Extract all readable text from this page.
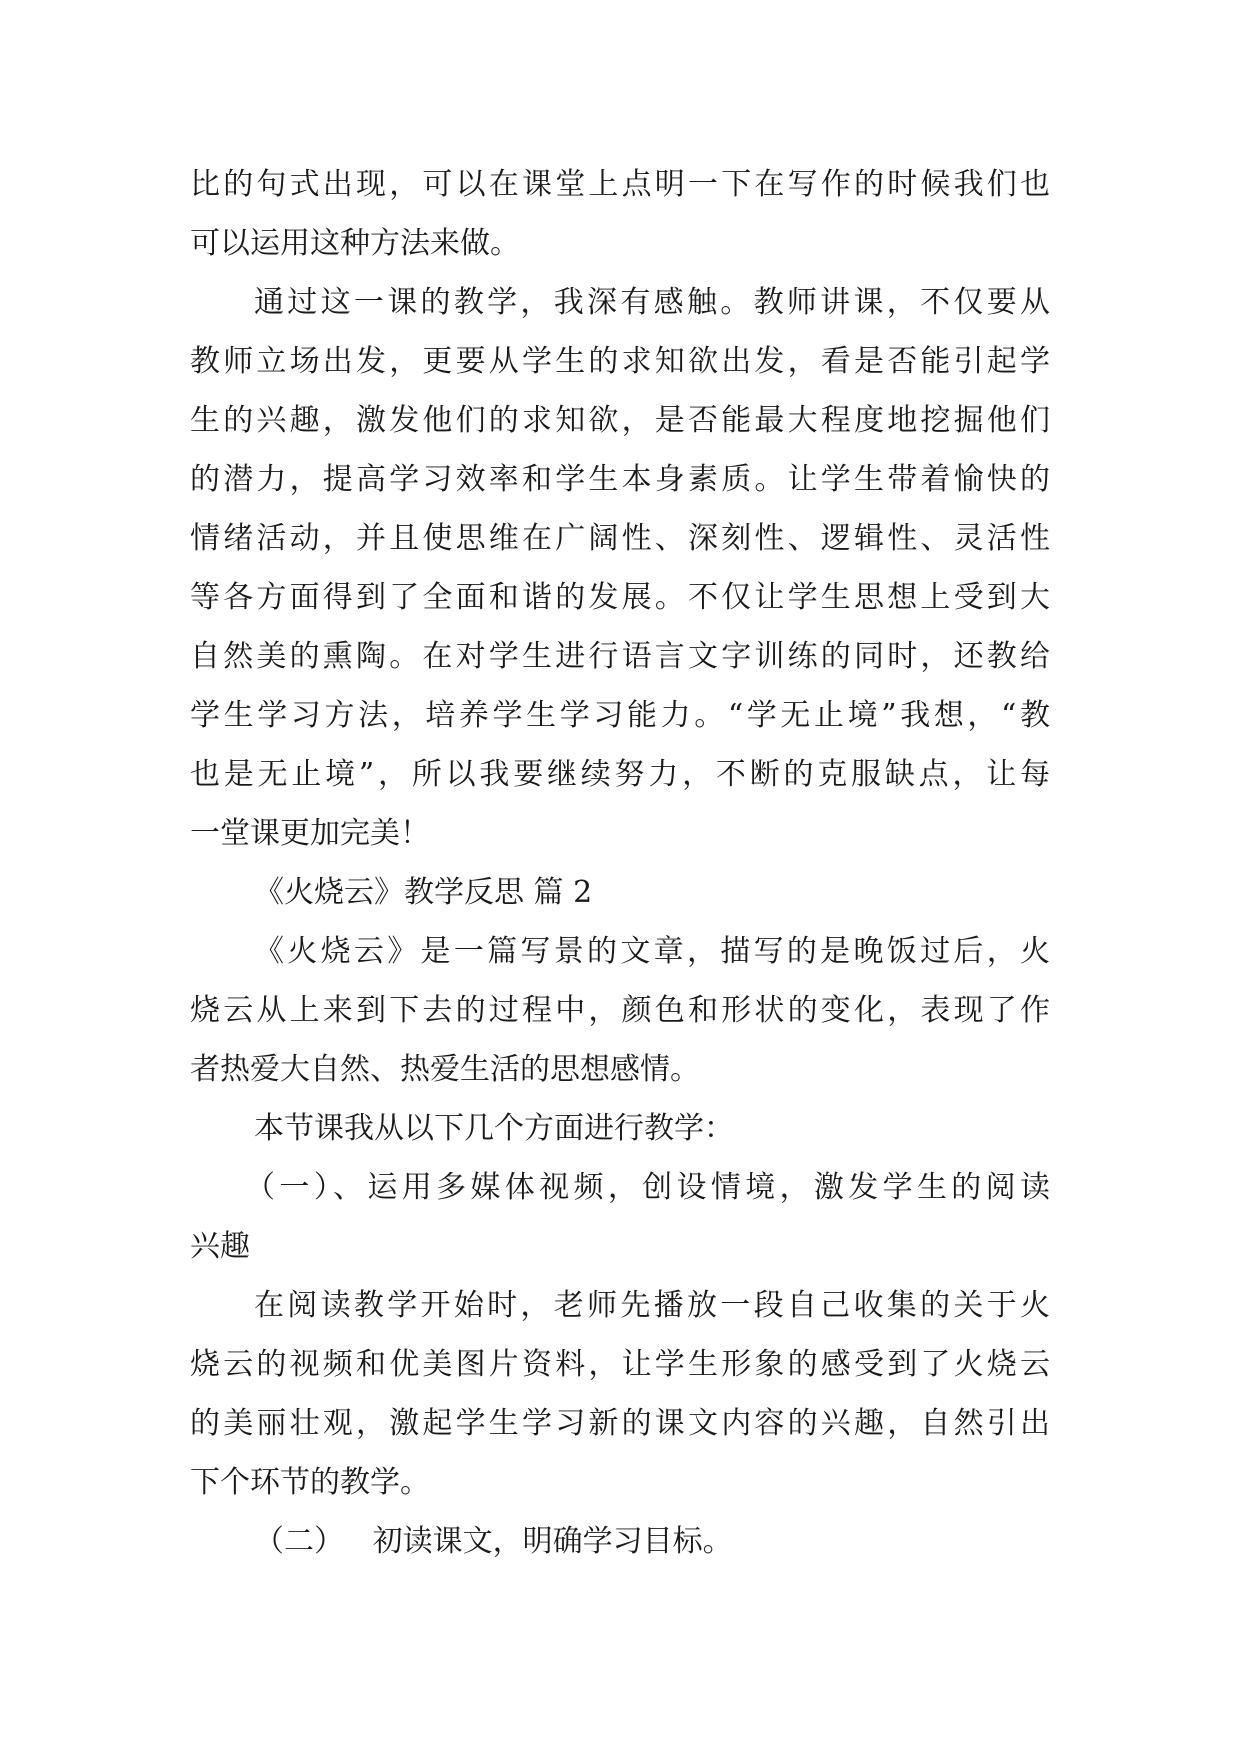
比的句式出现，可以在课堂上点明一下在写作的时候我们也
可以运用这种方法来做。
通过这一课的教学，我深有感触。教师讲课，不仅要从
教师立场出发，更要从学生的求知欲出发，看是否能引起学
生的兴趣，激发他们的求知欲，是否能最大程度地挖掘他们
的潜力，提高学习效率和学生本身素质。让学生带着愉快的
情绪活动，并且使思维在广阔性、深刻性、逻辑性、灵活性
等各方面得到了全面和谐的发展。不仅让学生思想上受到大
自然美的熏陶。在对学生进行语言文字训练的同时，还教给
学生学习方法，培养学生学习能力。“学无止境”我想，“教
也是无止境”，所以我要继续努力，不断的克服缺点，让每
一堂课更加完美！
《火烧云》教学反思 篇 2
《火烧云》是一篇写景的文章，描写的是晚饭过后，火
烧云从上来到下去的过程中，颜色和形状的变化，表现了作
者热爱大自然、热爱生活的思想感情。
本节课我从以下几个方面进行教学：
（一）、运用多媒体视频，创设情境，激发学生的阅读
兴趣
在阅读教学开始时，老师先播放一段自己收集的关于火
烧云的视频和优美图片资料，让学生形象的感受到了火烧云
的美丽壮观，激起学生学习新的课文内容的兴趣，自然引出
下个环节的教学。
（二）   初读课文，明确学习目标。
